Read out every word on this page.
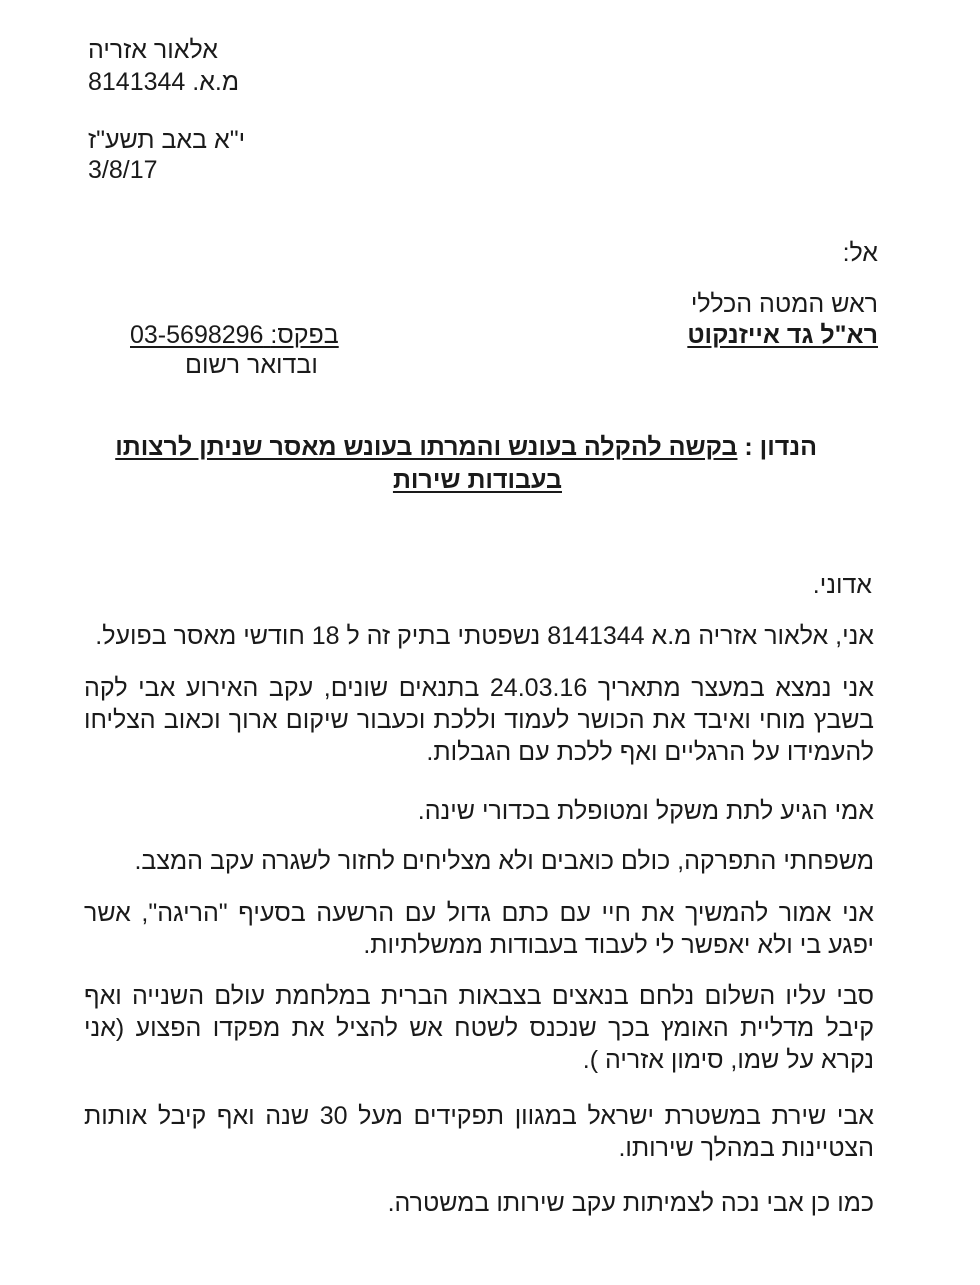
אלאור אזריה
מ.א. 8141344
י"א באב תשע"ז
3/8/17
אל:
ראש המטה הכללי
רא"ל גד אייזנקוט
בפקס: 03-5698296
ובדואר רשום
הנדון : בקשה להקלה בעונש והמרתו בעונש מאסר שניתן לרצותו
בעבודות שירות
אדוני.
אני, אלאור אזריה מ.א 8141344 נשפטתי בתיק זה ל 18 חודשי מאסר בפועל.
אני נמצא במעצר מתאריך 24.03.16 בתנאים שונים, עקב האירוע אבי לקה בשבץ מוחי ואיבד את הכושר לעמוד וללכת וכעבור שיקום ארוך וכאוב הצליחו להעמידו על הרגליים ואף ללכת עם הגבלות.
אמי הגיע לתת משקל ומטופלת בכדורי שינה.
משפחתי התפרקה, כולם כואבים ולא מצליחים לחזור לשגרה עקב המצב.
אני אמור להמשיך את חיי עם כתם גדול עם הרשעה בסעיף "הריגה", אשר יפגע בי ולא יאפשר לי לעבוד בעבודות ממשלתיות.
סבי עליו השלום נלחם בנאצים בצבאות הברית במלחמת עולם השנייה ואף קיבל מדליית האומץ בכך שנכנס לשטח אש להציל את מפקדו הפצוע (אני נקרא על שמו, סימון אזריה ).
אבי שירת במשטרת ישראל במגוון תפקידים מעל 30 שנה ואף קיבל אותות הצטיינות במהלך שירותו.
כמו כן אבי נכה לצמיתות עקב שירותו במשטרה.
